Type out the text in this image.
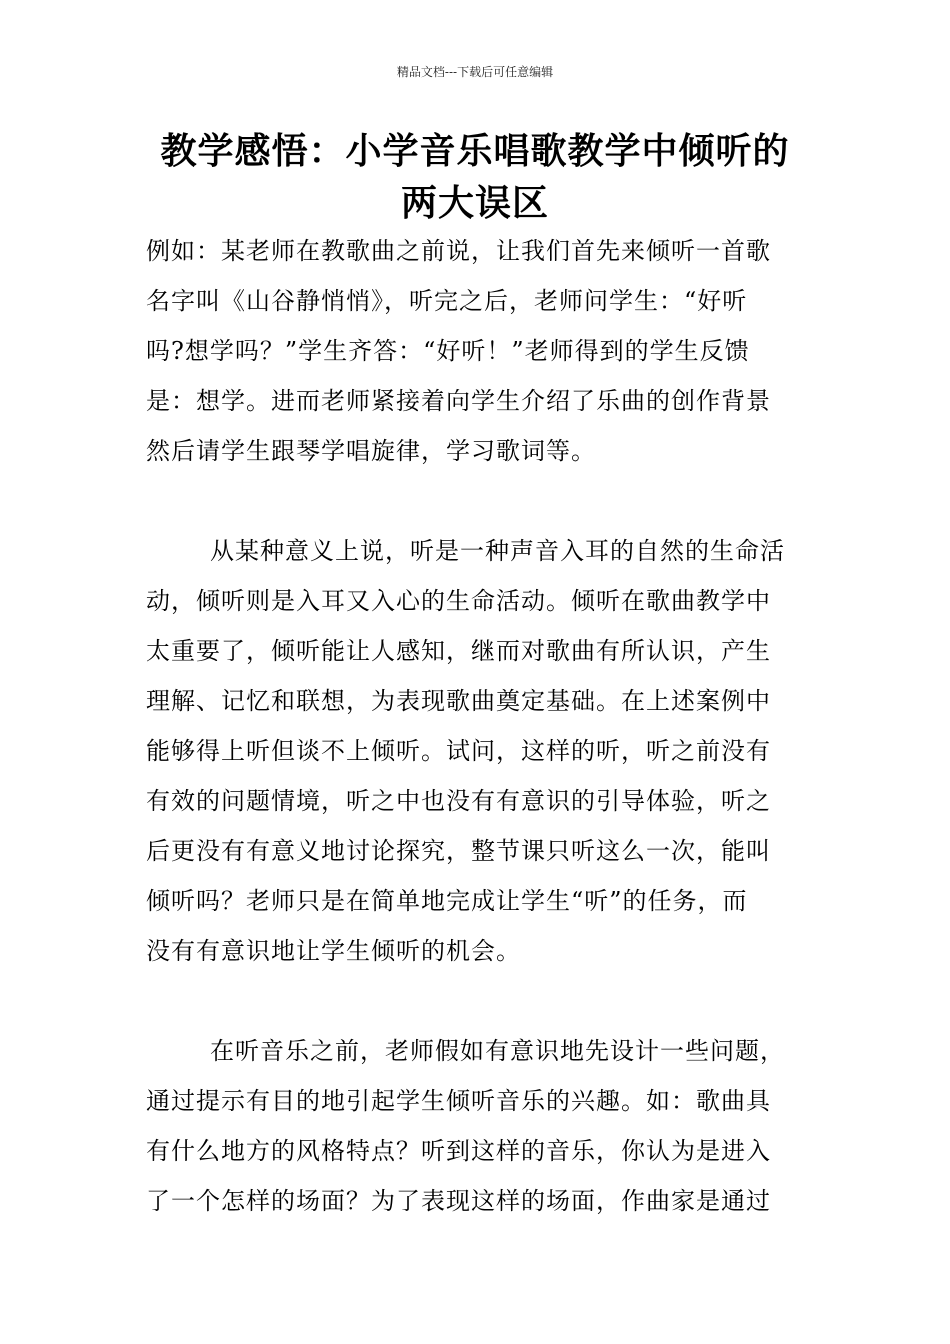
精品文档---下载后可任意编辑
教学感悟：小学音乐唱歌教学中倾听的
两大误区

例如：某老师在教歌曲之前说，让我们首先来倾听一首歌
名字叫《山谷静悄悄》，听完之后，老师问学生：“好听
吗?想学吗？”学生齐答：“好听！”老师得到的学生反馈
是：想学。进而老师紧接着向学生介绍了乐曲的创作背景
然后请学生跟琴学唱旋律，学习歌词等。

从某种意义上说，听是一种声音入耳的自然的生命活
动，倾听则是入耳又入心的生命活动。倾听在歌曲教学中
太重要了，倾听能让人感知，继而对歌曲有所认识，产生
理解、记忆和联想，为表现歌曲奠定基础。在上述案例中
能够得上听但谈不上倾听。试问，这样的听，听之前没有
有效的问题情境，听之中也没有有意识的引导体验，听之
后更没有有意义地讨论探究，整节课只听这么一次，能叫
倾听吗？老师只是在简单地完成让学生“听”的任务，而
没有有意识地让学生倾听的机会。

在听音乐之前，老师假如有意识地先设计一些问题，
通过提示有目的地引起学生倾听音乐的兴趣。如：歌曲具
有什么地方的风格特点？听到这样的音乐，你认为是进入
了一个怎样的场面？为了表现这样的场面，作曲家是通过
